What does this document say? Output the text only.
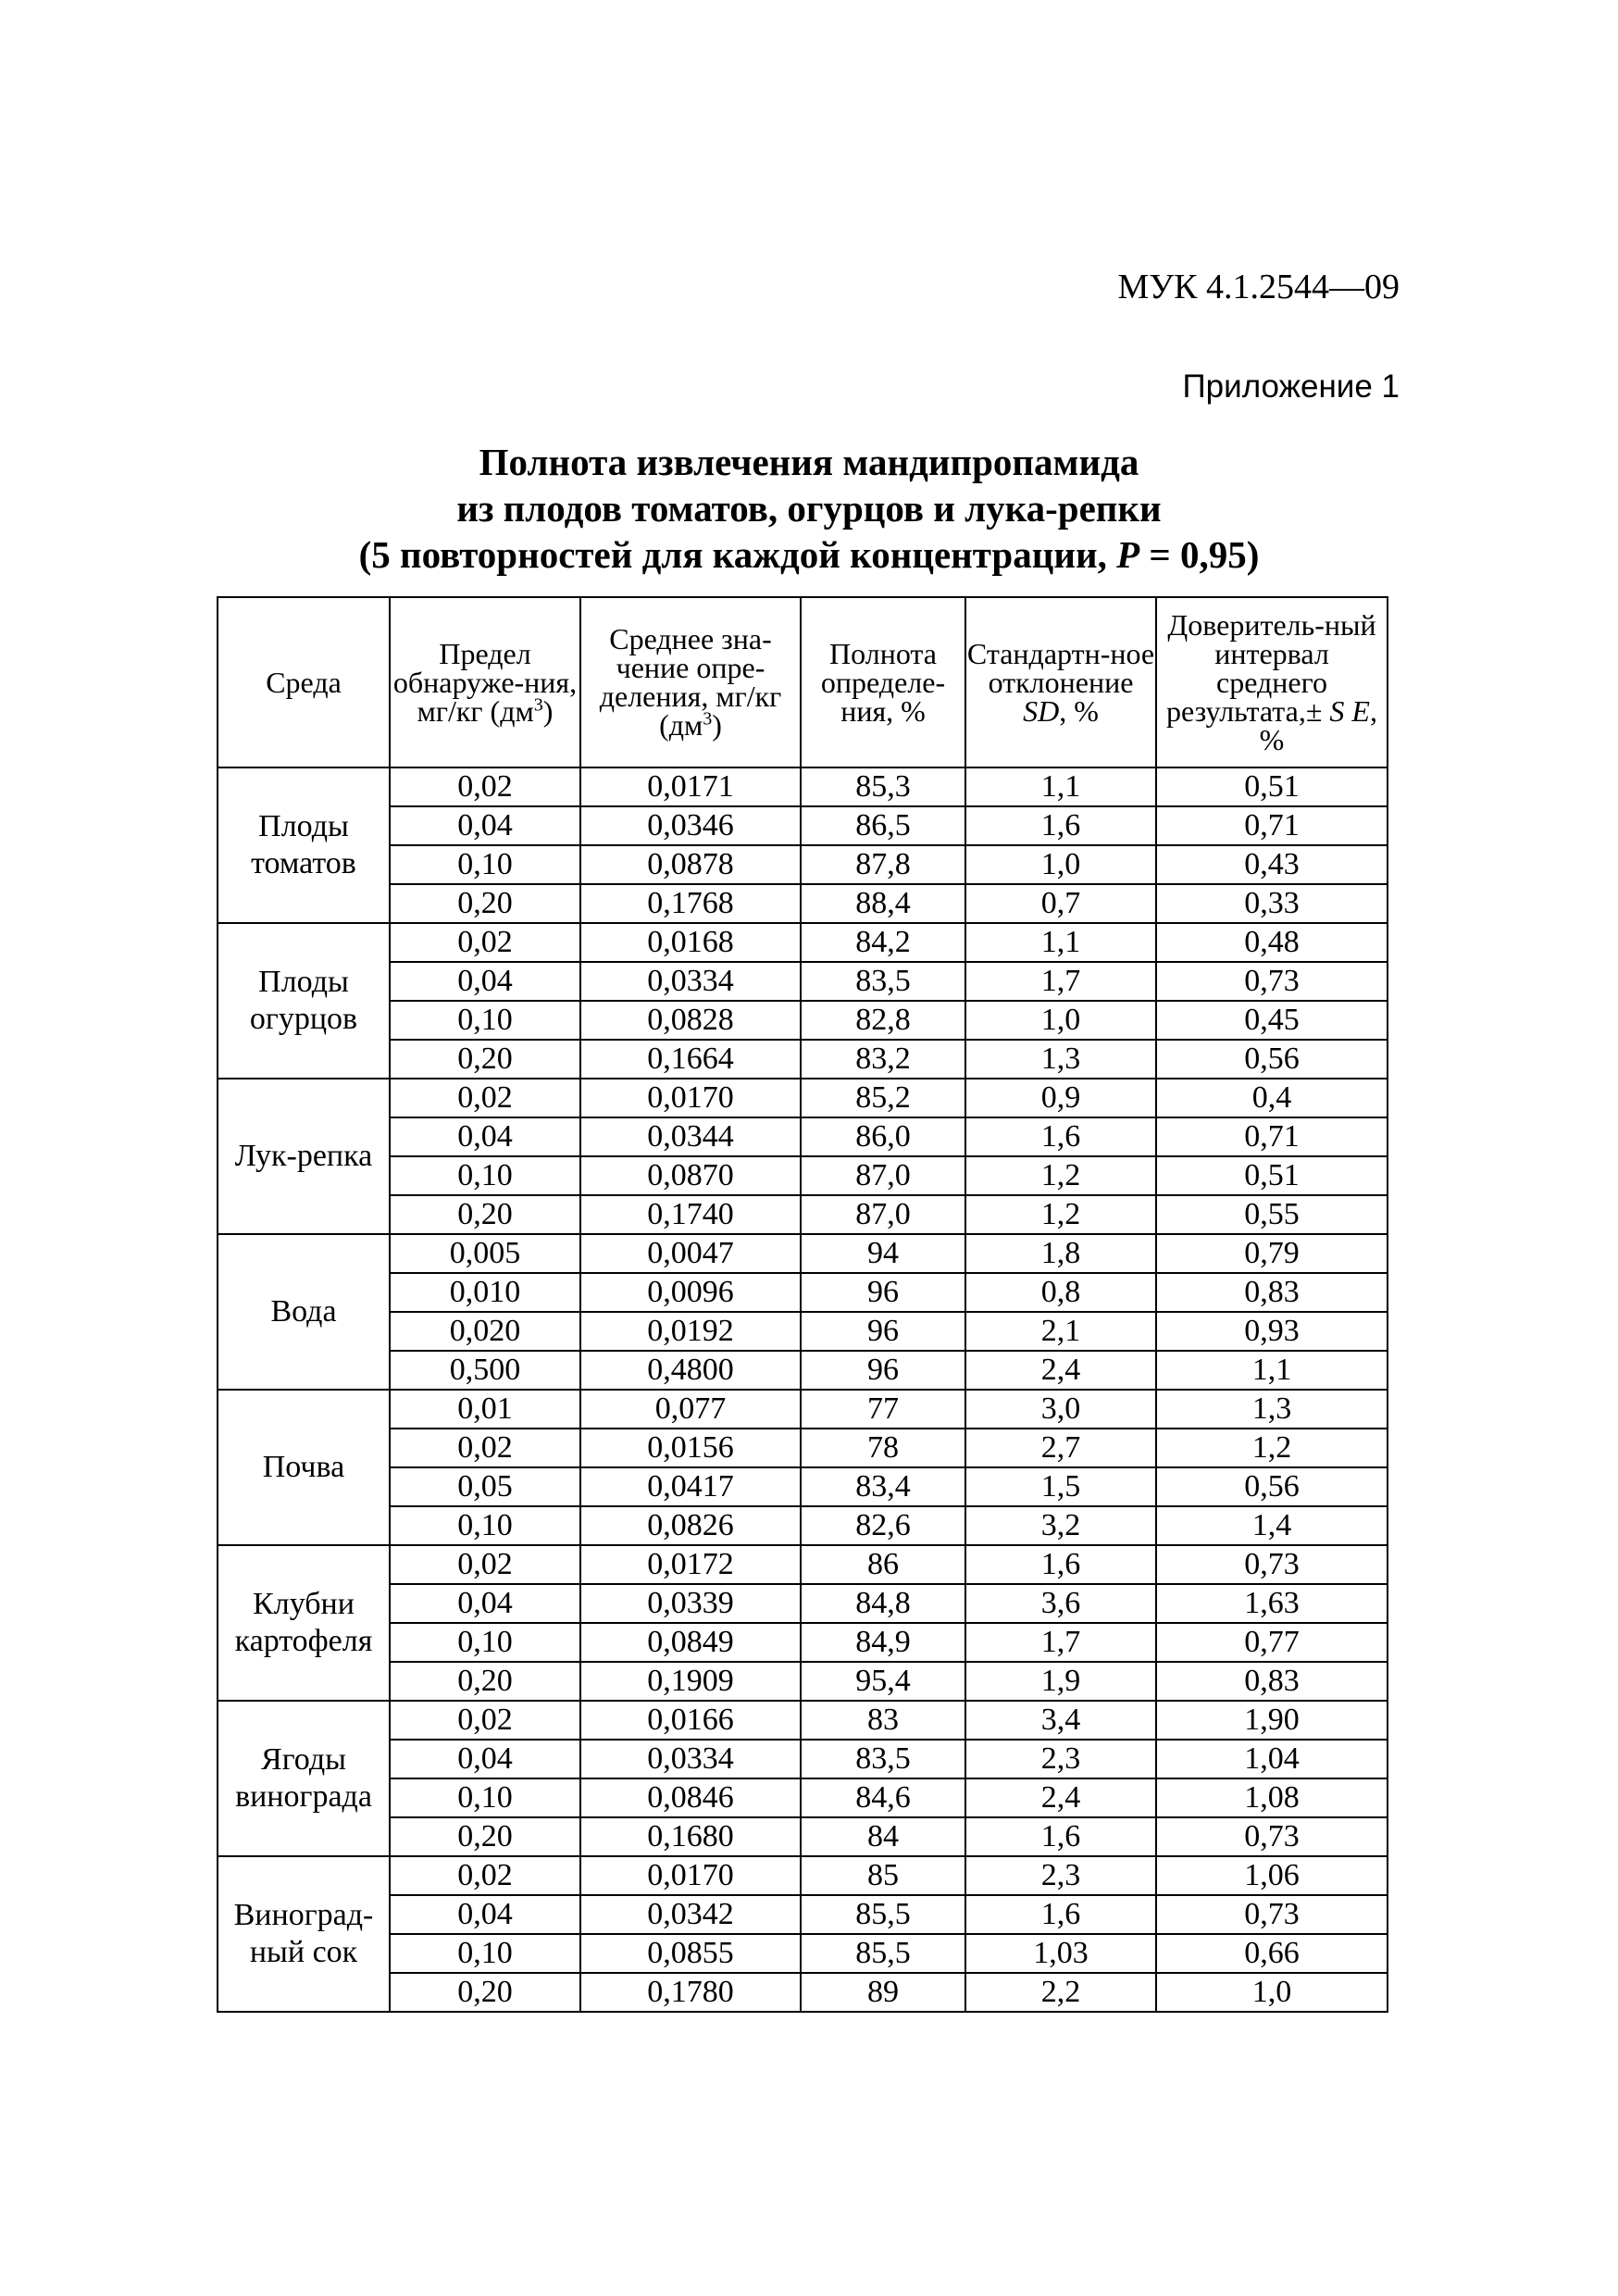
МУК 4.1.2544—09

Приложение 1
Полнота извлечения мандипропамида
из плодов томатов, огурцов и лука-репки
(5 повторностей для каждой концентрации, P = 0,95)
Среда	Предел обнаруже-ния, мг/кг $(дм^3)$	Среднее зна-чение опре-деления, мг/кг $(дм^3)$	Полнота определе-ния, %	Стандартн-ное отклонение SD, %	Доверитель-ный интервал среднего результата,± S E, %
Плоды томатов	0,02	0,0171	85,3	1,1	0,51
	0,04	0,0346	86,5	1,6	0,71
	0,10	0,0878	87,8	1,0	0,43
	0,20	0,1768	88,4	0,7	0,33
Плоды огурцов	0,02	0,0168	84,2	1,1	0,48
	0,04	0,0334	83,5	1,7	0,73
	0,10	0,0828	82,8	1,0	0,45
	0,20	0,1664	83,2	1,3	0,56
Лук-репка	0,02	0,0170	85,2	0,9	0,4
	0,04	0,0344	86,0	1,6	0,71
	0,10	0,0870	87,0	1,2	0,51
	0,20	0,1740	87,0	1,2	0,55
Вода	0,005	0,0047	94	1,8	0,79
	0,010	0,0096	96	0,8	0,83
	0,020	0,0192	96	2,1	0,93
	0,500	0,4800	96	2,4	1,1
Почва	0,01	0,077	77	3,0	1,3
	0,02	0,0156	78	2,7	1,2
	0,05	0,0417	83,4	1,5	0,56
	0,10	0,0826	82,6	3,2	1,4
Клубни картофеля	0,02	0,0172	86	1,6	0,73
	0,04	0,0339	84,8	3,6	1,63
	0,10	0,0849	84,9	1,7	0,77
	0,20	0,1909	95,4	1,9	0,83
Ягоды винограда	0,02	0,0166	83	3,4	1,90
	0,04	0,0334	83,5	2,3	1,04
	0,10	0,0846	84,6	2,4	1,08
	0,20	0,1680	84	1,6	0,73
Виноград-ный сок	0,02	0,0170	85	2,3	1,06
	0,04	0,0342	85,5	1,6	0,73
	0,10	0,0855	85,5	1,03	0,66
	0,20	0,1780	89	2,2	1,0
